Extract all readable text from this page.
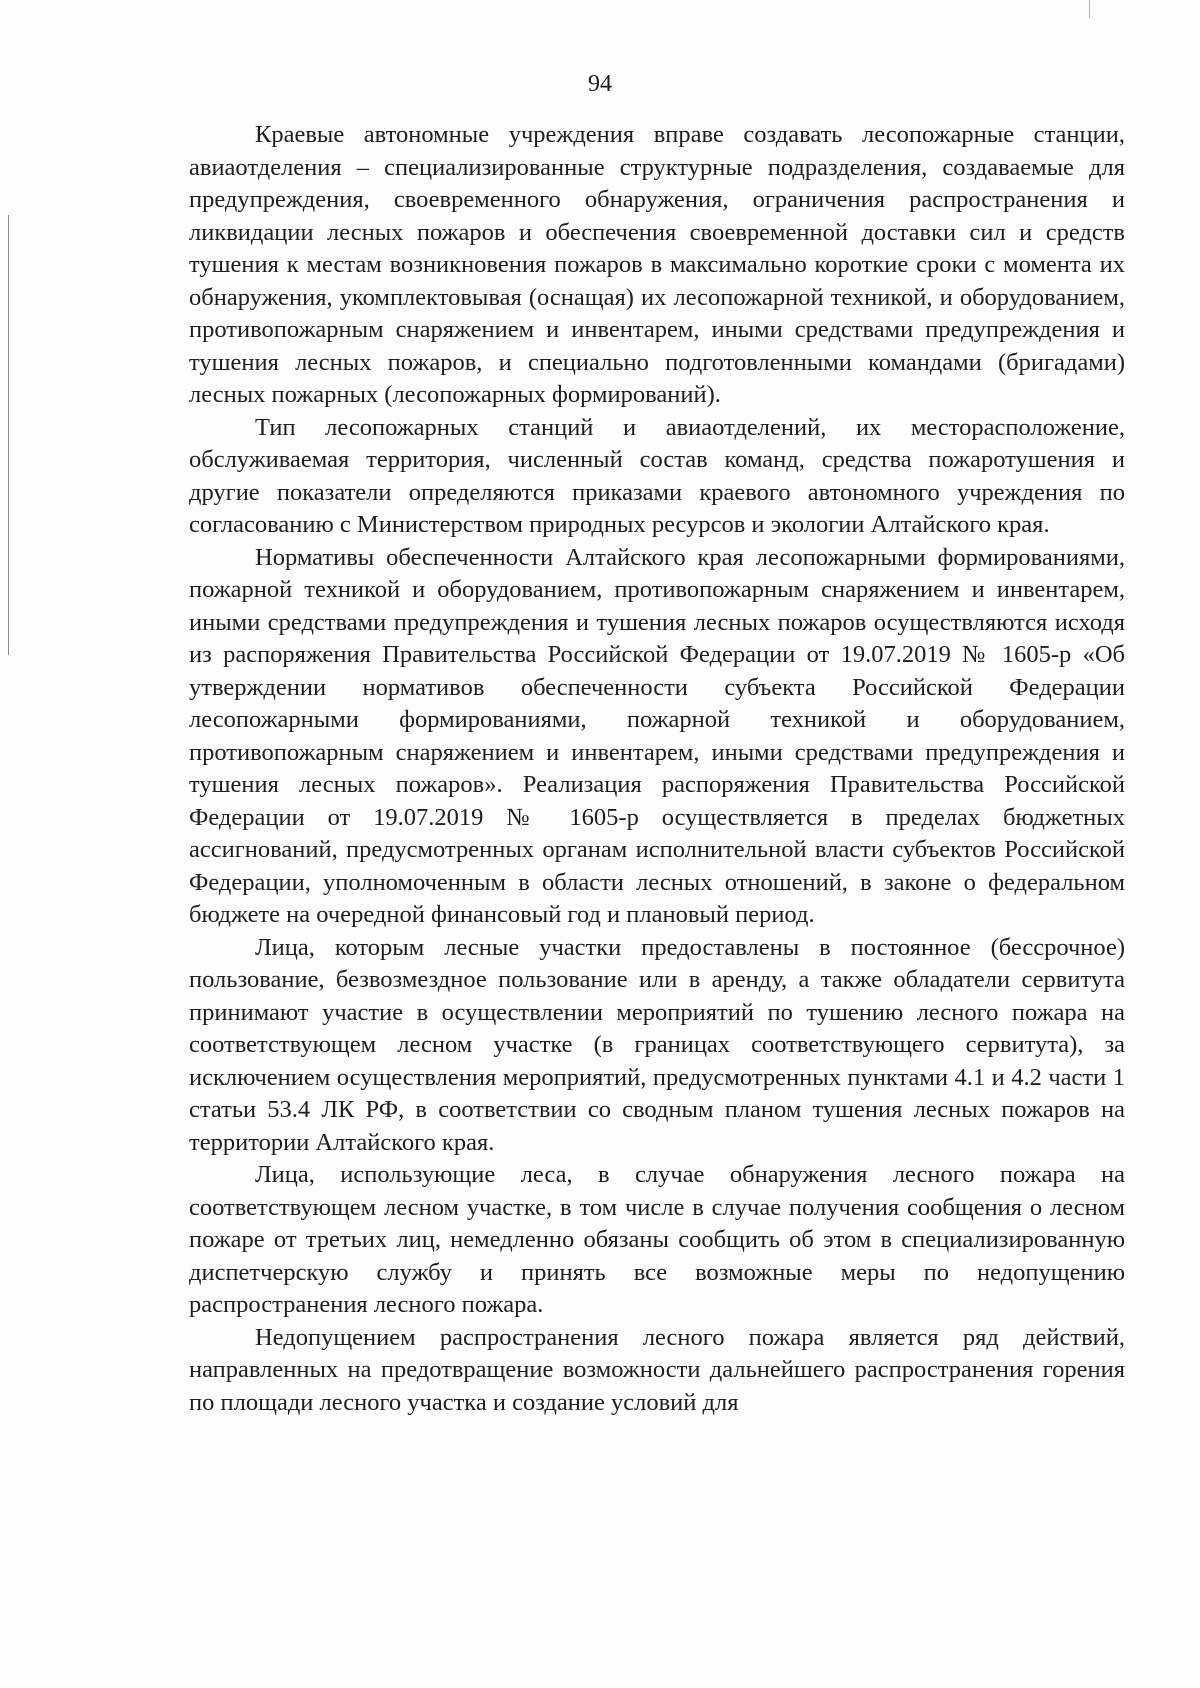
94

Краевые автономные учреждения вправе создавать лесопожарные станции, авиаотделения – специализированные структурные подразделения, создаваемые для предупреждения, своевременного обнаружения, ограничения распространения и ликвидации лесных пожаров и обеспечения своевременной доставки сил и средств тушения к местам возникновения пожаров в максимально короткие сроки с момента их обнаружения, укомплектовывая (оснащая) их лесопожарной техникой, и оборудованием, противопожарным снаряжением и инвентарем, иными средствами предупреждения и тушения лесных пожаров, и специально подготовленными командами (бригадами) лесных пожарных (лесопожарных формирований).

Тип лесопожарных станций и авиаотделений, их месторасположение, обслуживаемая территория, численный состав команд, средства пожаротушения и другие показатели определяются приказами краевого автономного учреждения по согласованию с Министерством природных ресурсов и экологии Алтайского края.

Нормативы обеспеченности Алтайского края лесопожарными формированиями, пожарной техникой и оборудованием, противопожарным снаряжением и инвентарем, иными средствами предупреждения и тушения лесных пожаров осуществляются исходя из распоряжения Правительства Российской Федерации от 19.07.2019 № 1605-р «Об утверждении нормативов обеспеченности субъекта Российской Федерации лесопожарными формированиями, пожарной техникой и оборудованием, противопожарным снаряжением и инвентарем, иными средствами предупреждения и тушения лесных пожаров». Реализация распоряжения Правительства Российской Федерации от 19.07.2019 № 1605-р осуществляется в пределах бюджетных ассигнований, предусмотренных органам исполнительной власти субъектов Российской Федерации, уполномоченным в области лесных отношений, в законе о федеральном бюджете на очередной финансовый год и плановый период.

Лица, которым лесные участки предоставлены в постоянное (бессрочное) пользование, безвозмездное пользование или в аренду, а также обладатели сервитута принимают участие в осуществлении мероприятий по тушению лесного пожара на соответствующем лесном участке (в границах соответствующего сервитута), за исключением осуществления мероприятий, предусмотренных пунктами 4.1 и 4.2 части 1 статьи 53.4 ЛК РФ, в соответствии со сводным планом тушения лесных пожаров на территории Алтайского края.

Лица, использующие леса, в случае обнаружения лесного пожара на соответствующем лесном участке, в том числе в случае получения сообщения о лесном пожаре от третьих лиц, немедленно обязаны сообщить об этом в специализированную диспетчерскую службу и принять все возможные меры по недопущению распространения лесного пожара.

Недопущением распространения лесного пожара является ряд действий, направленных на предотвращение возможности дальнейшего распространения горения по площади лесного участка и создание условий для
